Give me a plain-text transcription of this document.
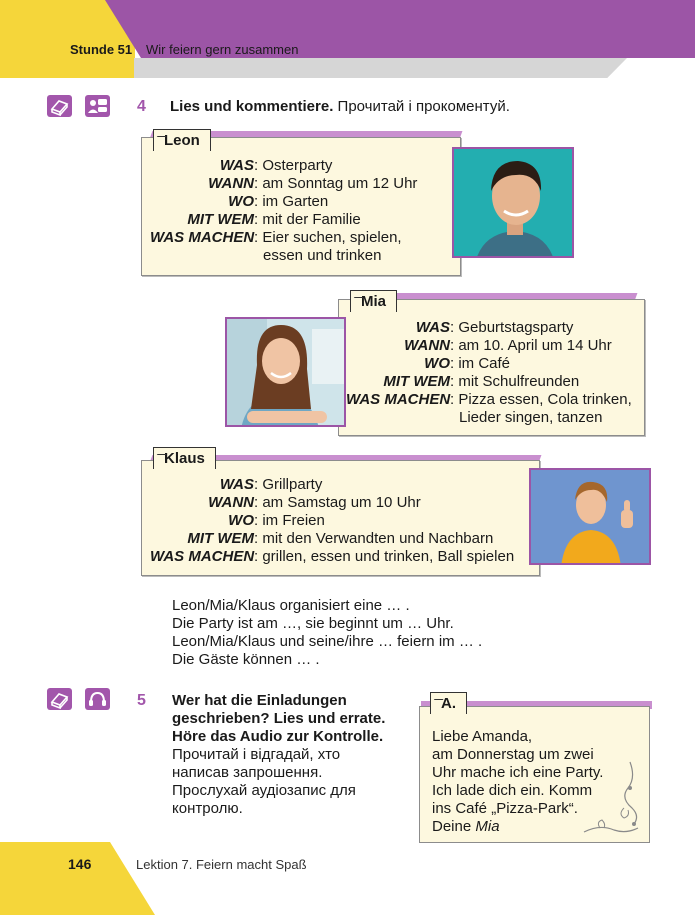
Stunde 51 Wir feiern gern zusammen
4 Lies und kommentiere. Прочитай і прокоментуй.
Leon
WAS : Osterparty
WANN : am Sonntag um 12 Uhr
WO : im Garten
MIT WEM : mit der Familie
WAS MACHEN : Eier suchen, spielen,
essen und trinken
Mia
WAS : Geburtstagsparty
WANN : am 10. April um 14 Uhr
WO : im Café
MIT WEM : mit Schulfreunden
WAS MACHEN : Pizza essen, Cola trinken,
Lieder singen, tanzen
Klaus
WAS : Grillparty
WANN : am Samstag um 10 Uhr
WO : im Freien
MIT WEM : mit den Verwandten und Nachbarn
WAS MACHEN : grillen, essen und trinken, Ball spielen
Leon/Mia/Klaus organisiert eine … .
Die Party ist am …, sie beginnt um … Uhr.
Leon/Mia/Klaus und seine/ihre … feiern im … .
Die Gäste können … .
5 Wer hat die Einladungen
geschrieben? Lies und errate.
Höre das Audio zur Kontrolle.
Прочитай і відгадай, хто
написав запрошення.
Прослухай аудіозапис для
контролю.
A.
Liebe Amanda,
am Donnerstag um zwei
Uhr mache ich eine Party.
Ich lade dich ein. Komm
ins Café „Pizza-Park“.
Deine Mia
146	Lektion 7. Feiern macht Spaß
